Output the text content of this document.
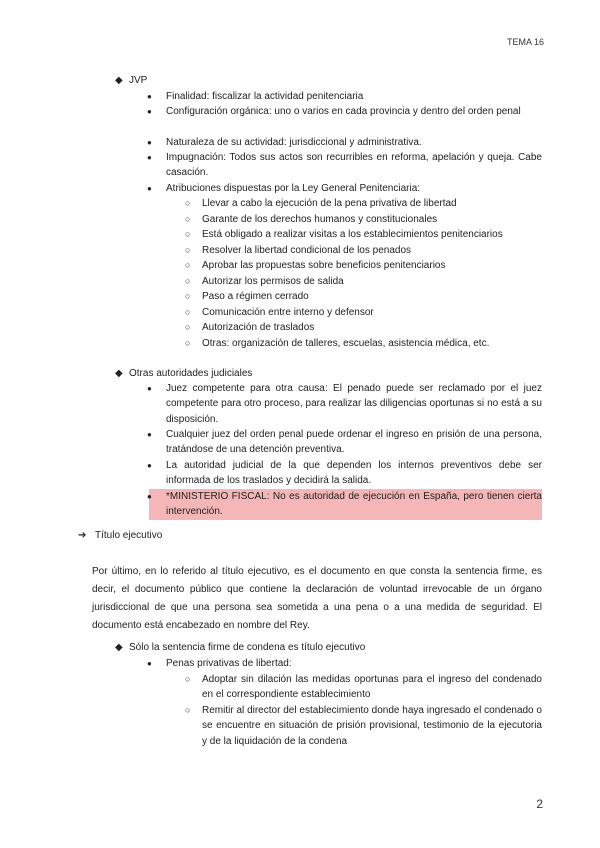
TEMA 16
◆ JVP
● Finalidad: fiscalizar la actividad penitenciaria
● Configuración orgánica: uno o varios en cada provincia y dentro del orden penal
● Naturaleza de su actividad: jurisdiccional y administrativa.
● Impugnación: Todos sus actos son recurribles en reforma, apelación y queja. Cabe casación.
● Atribuciones dispuestas por la Ley General Penitenciaria:
○ Llevar a cabo la ejecución de la pena privativa de libertad
○ Garante de los derechos humanos y constitucionales
○ Está obligado a realizar visitas a los establecimientos penitenciarios
○ Resolver la libertad condicional de los penados
○ Aprobar las propuestas sobre beneficios penitenciarios
○ Autorizar los permisos de salida
○ Paso a régimen cerrado
○ Comunicación entre interno y defensor
○ Autorización de traslados
○ Otras: organización de talleres, escuelas, asistencia médica, etc.
◆ Otras autoridades judiciales
● Juez competente para otra causa: El penado puede ser reclamado por el juez competente para otro proceso, para realizar las diligencias oportunas si no está a su disposición.
● Cualquier juez del orden penal puede ordenar el ingreso en prisión de una persona, tratándose de una detención preventiva.
● La autoridad judicial de la que dependen los internos preventivos debe ser informada de los traslados y decidirá la salida.
● *MINISTERIO FISCAL: No es autoridad de ejecución en España, pero tienen cierta intervención.
➔ Título ejecutivo
Por último, en lo referido al título ejecutivo, es el documento en que consta la sentencia firme, es decir, el documento público que contiene la declaración de voluntad irrevocable de un órgano jurisdiccional de que una persona sea sometida a una pena o a una medida de seguridad. El documento está encabezado en nombre del Rey.
◆ Sólo la sentencia firme de condena es título ejecutivo
● Penas privativas de libertad:
○ Adoptar sin dilación las medidas oportunas para el ingreso del condenado en el correspondiente establecimiento
○ Remitir al director del establecimiento donde haya ingresado el condenado o se encuentre en situación de prisión provisional, testimonio de la ejecutoria y de la liquidación de la condena
2
